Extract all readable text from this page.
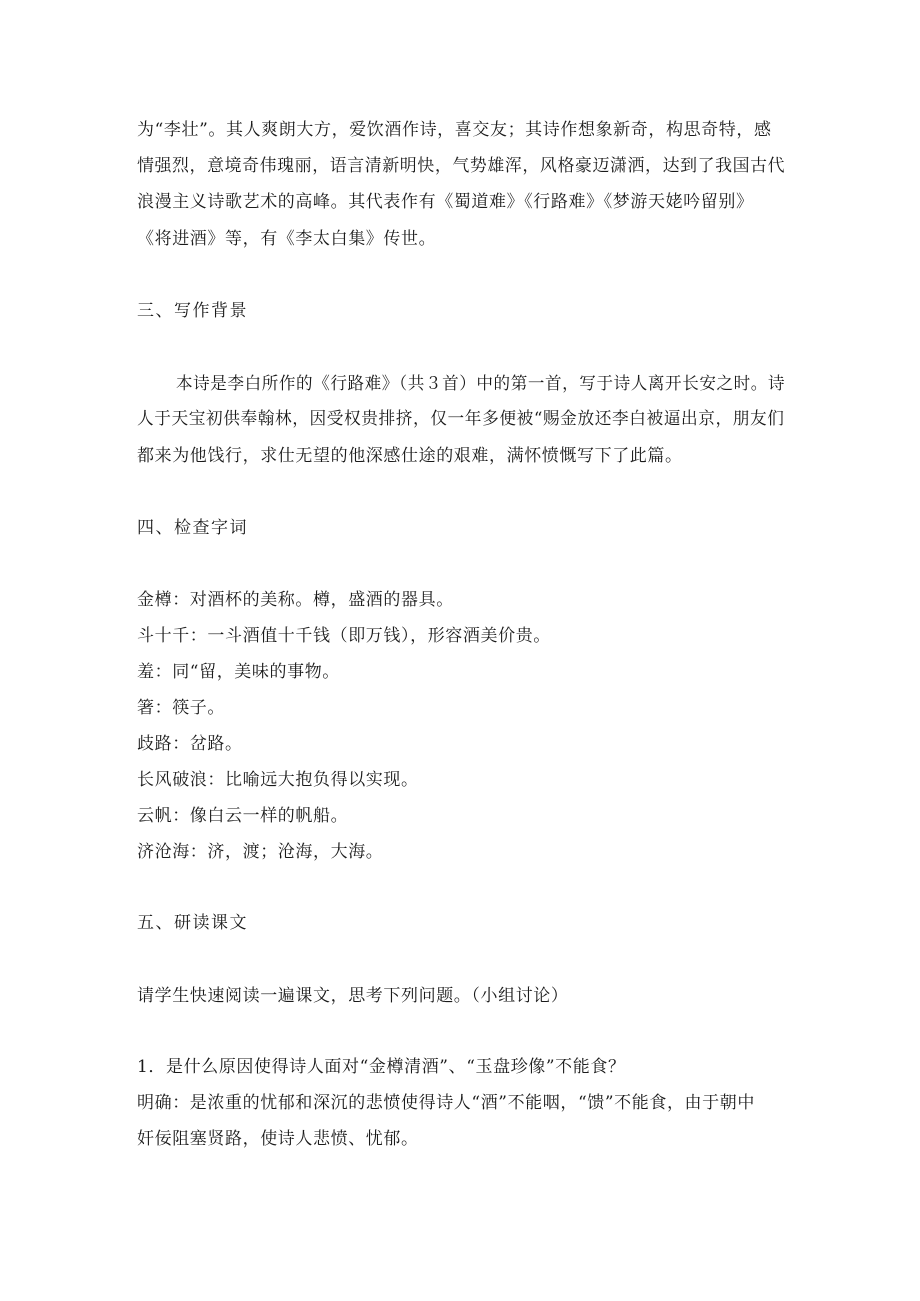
为“李壮”。其人爽朗大方，爱饮酒作诗，喜交友；其诗作想象新奇，构思奇特，感
情强烈，意境奇伟瑰丽，语言清新明快，气势雄浑，风格豪迈潇洒，达到了我国古代
浪漫主义诗歌艺术的高峰。其代表作有《蜀道难》《行路难》《梦游天姥吟留别》
《将进酒》等，有《李太白集》传世。
三、写作背景
本诗是李白所作的《行路难》（共３首）中的第一首，写于诗人离开长安之时。诗
人于天宝初供奉翰林，因受权贵排挤，仅一年多便被“赐金放还李白被逼出京，朋友们
都来为他饯行，求仕无望的他深感仕途的艰难，满怀愤慨写下了此篇。
四、检查字词
金樽：对酒杯的美称。樽，盛酒的器具。
斗十千：一斗酒值十千钱（即万钱），形容酒美价贵。
羞：同“留，美味的事物。
箸：筷子。
歧路：岔路。
长风破浪：比喻远大抱负得以实现。
云帆：像白云一样的帆船。
济沧海：济，渡；沧海，大海。
五、研读课文
请学生快速阅读一遍课文，思考下列问题。（小组讨论）
1．是什么原因使得诗人面对“金樽清酒”、“玉盘珍像”不能食？
明确：是浓重的忧郁和深沉的悲愤使得诗人“酒”不能咽，“馈”不能食，由于朝中
奸佞阻塞贤路，使诗人悲愤、忧郁。
